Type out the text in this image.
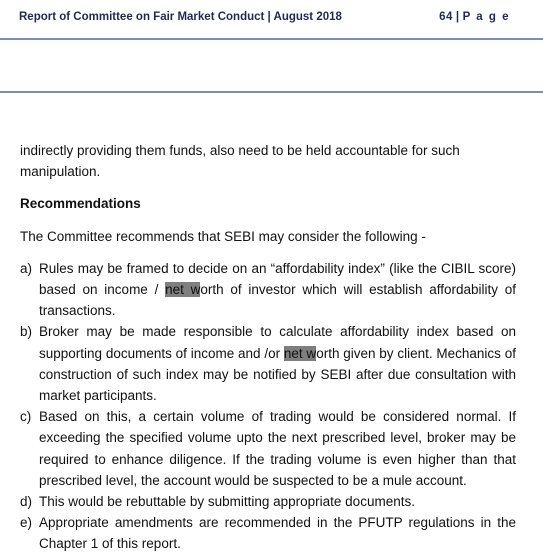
Report of Committee on Fair Market Conduct | August 2018	64 | P a g e

indirectly providing them funds, also need to be held accountable for such manipulation.

Recommendations

The Committee recommends that SEBI may consider the following -

a) Rules may be framed to decide on an “affordability index” (like the CIBIL score) based on income / net worth of investor which will establish affordability of transactions.
b) Broker may be made responsible to calculate affordability index based on supporting documents of income and /or net worth given by client. Mechanics of construction of such index may be notified by SEBI after due consultation with market participants.
c) Based on this, a certain volume of trading would be considered normal. If exceeding the specified volume upto the next prescribed level, broker may be required to enhance diligence. If the trading volume is even higher than that prescribed level, the account would be suspected to be a mule account.
d) This would be rebuttable by submitting appropriate documents.
e) Appropriate amendments are recommended in the PFUTP regulations in the Chapter 1 of this report.
